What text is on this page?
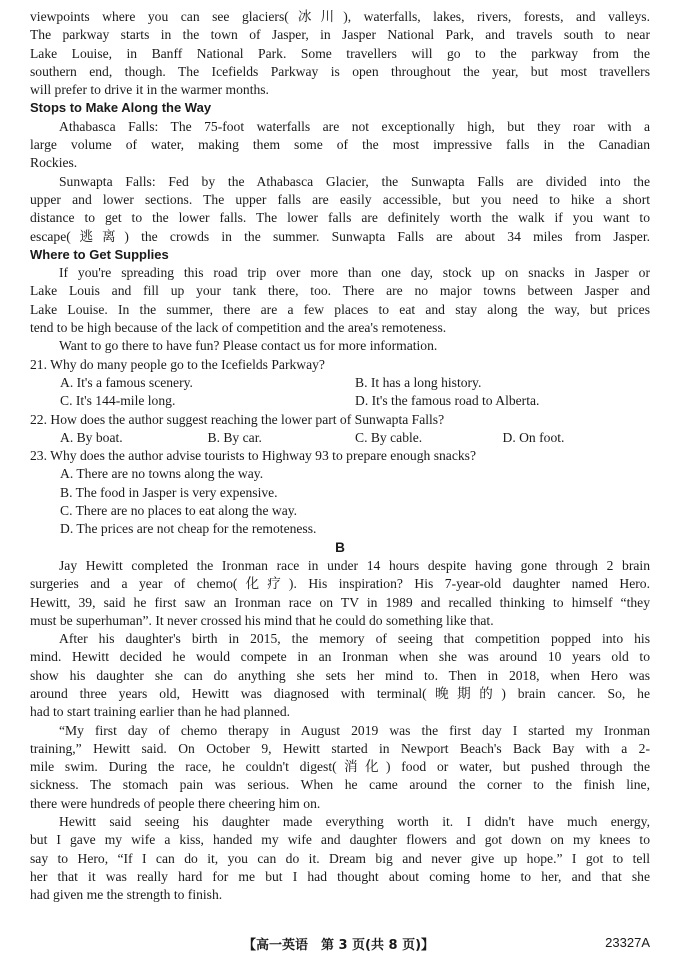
viewpoints where you can see glaciers(冰川), waterfalls, lakes, rivers, forests, and valleys.
The parkway starts in the town of Jasper, in Jasper National Park, and travels south to near
Lake Louise, in Banff National Park. Some travellers will go to the parkway from the
southern end, though. The Icefields Parkway is open throughout the year, but most travellers
will prefer to drive it in the warmer months.
Stops to Make Along the Way
Athabasca Falls: The 75-foot waterfalls are not exceptionally high, but they roar with a
large volume of water, making them some of the most impressive falls in the Canadian
Rockies.
Sunwapta Falls: Fed by the Athabasca Glacier, the Sunwapta Falls are divided into the
upper and lower sections. The upper falls are easily accessible, but you need to hike a short
distance to get to the lower falls. The lower falls are definitely worth the walk if you want to
escape(逃离) the crowds in the summer. Sunwapta Falls are about 34 miles from Jasper.
Where to Get Supplies
If you're spreading this road trip over more than one day, stock up on snacks in Jasper or
Lake Louis and fill up your tank there, too. There are no major towns between Jasper and
Lake Louise. In the summer, there are a few places to eat and stay along the way, but prices
tend to be high because of the lack of competition and the area's remoteness.
Want to go there to have fun? Please contact us for more information.
21. Why do many people go to the Icefields Parkway?
A. It's a famous scenery.	B. It has a long history.
C. It's 144-mile long.	D. It's the famous road to Alberta.
22. How does the author suggest reaching the lower part of Sunwapta Falls?
A. By boat.	B. By car.	C. By cable.	D. On foot.
23. Why does the author advise tourists to Highway 93 to prepare enough snacks?
A. There are no towns along the way.
B. The food in Jasper is very expensive.
C. There are no places to eat along the way.
D. The prices are not cheap for the remoteness.
B
Jay Hewitt completed the Ironman race in under 14 hours despite having gone through 2 brain
surgeries and a year of chemo(化疗). His inspiration? His 7-year-old daughter named Hero.
Hewitt, 39, said he first saw an Ironman race on TV in 1989 and recalled thinking to himself “they
must be superhuman”. It never crossed his mind that he could do something like that.
After his daughter's birth in 2015, the memory of seeing that competition popped into his
mind. Hewitt decided he would compete in an Ironman when she was around 10 years old to
show his daughter she can do anything she sets her mind to. Then in 2018, when Hero was
around three years old, Hewitt was diagnosed with terminal(晚期的) brain cancer. So, he
had to start training earlier than he had planned.
“My first day of chemo therapy in August 2019 was the first day I started my Ironman
training,” Hewitt said. On October 9, Hewitt started in Newport Beach's Back Bay with a 2-
mile swim. During the race, he couldn't digest(消化) food or water, but pushed through the
sickness. The stomach pain was serious. When he came around the corner to the finish line,
there were hundreds of people there cheering him on.
Hewitt said seeing his daughter made everything worth it. I didn't have much energy,
but I gave my wife a kiss, handed my wife and daughter flowers and got down on my knees to
say to Hero, “If I can do it, you can do it. Dream big and never give up hope.” I got to tell
her that it was really hard for me but I had thought about coming home to her, and that she
had given me the strength to finish.
【高一英语　第 3 页(共 8 页)】	23327A
